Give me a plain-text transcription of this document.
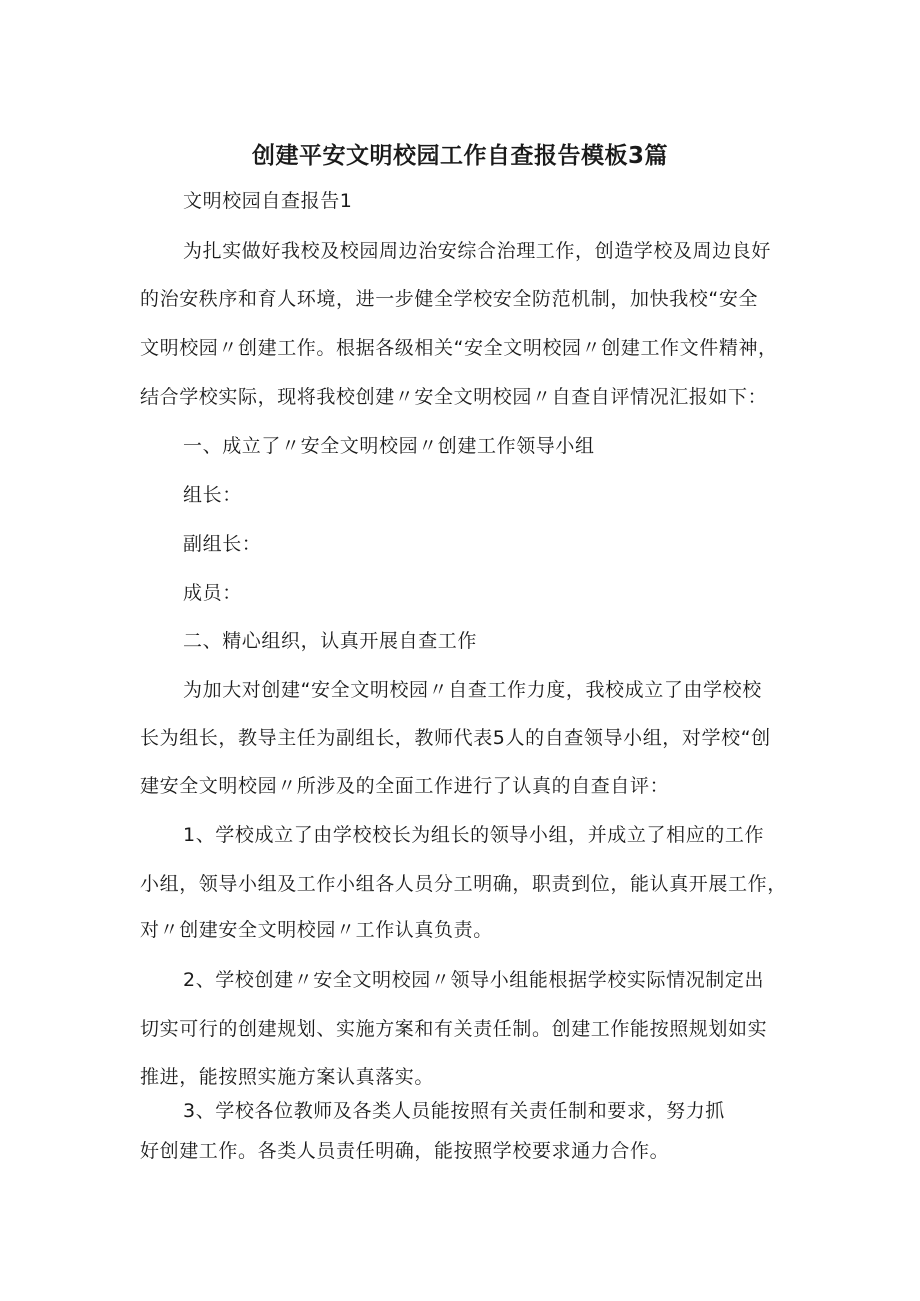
创建平安文明校园工作自查报告模板3篇
文明校园自查报告1
为扎实做好我校及校园周边治安综合治理工作，创造学校及周边良好
的治安秩序和育人环境，进一步健全学校安全防范机制，加快我校“安全
文明校园〃创建工作。根据各级相关“安全文明校园〃创建工作文件精神，
结合学校实际，现将我校创建〃安全文明校园〃自查自评情况汇报如下：
一、成立了〃安全文明校园〃创建工作领导小组
组长：
副组长：
成员：
二、精心组织，认真开展自查工作
为加大对创建“安全文明校园〃自查工作力度，我校成立了由学校校
长为组长，教导主任为副组长，教师代表5人的自查领导小组，对学校“创
建安全文明校园〃所涉及的全面工作进行了认真的自查自评：
1、学校成立了由学校校长为组长的领导小组，并成立了相应的工作
小组，领导小组及工作小组各人员分工明确，职责到位，能认真开展工作，
对〃创建安全文明校园〃工作认真负责。
2、学校创建〃安全文明校园〃领导小组能根据学校实际情况制定出
切实可行的创建规划、实施方案和有关责任制。创建工作能按照规划如实
推进，能按照实施方案认真落实。
3、学校各位教师及各类人员能按照有关责任制和要求，努力抓
好创建工作。各类人员责任明确，能按照学校要求通力合作。
